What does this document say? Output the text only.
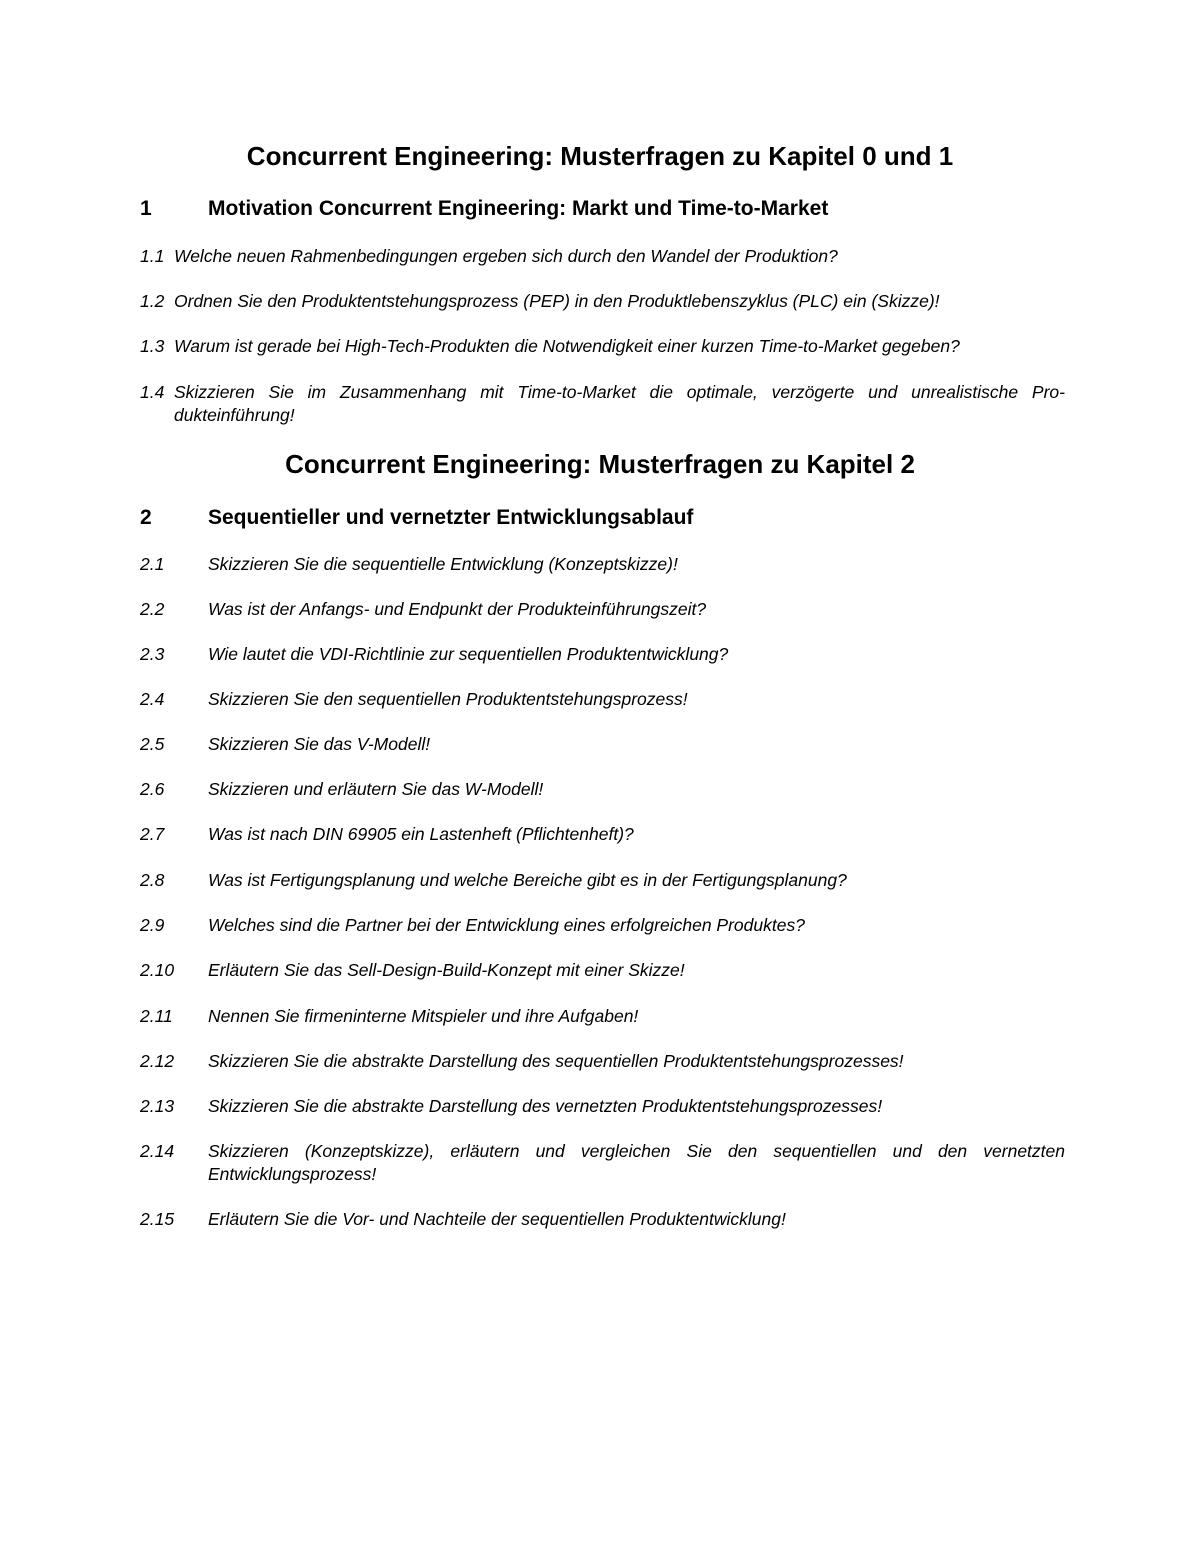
Concurrent Engineering: Musterfragen zu Kapitel 0 und 1
1	Motivation Concurrent Engineering: Markt und Time-to-Market
1.1 Welche neuen Rahmenbedingungen ergeben sich durch den Wandel der Produktion?
1.2 Ordnen Sie den Produktentstehungsprozess (PEP) in den Produktlebenszyklus (PLC) ein (Skizze)!
1.3 Warum ist gerade bei High-Tech-Produkten die Notwendigkeit einer kurzen Time-to-Market gegeben?
1.4 Skizzieren Sie im Zusammenhang mit Time-to-Market die optimale, verzögerte und unrealistische Pro-dukteinführung!
Concurrent Engineering: Musterfragen zu Kapitel 2
2	Sequentieller und vernetzter Entwicklungsablauf
2.1 Skizzieren Sie die sequentielle Entwicklung (Konzeptskizze)!
2.2 Was ist der Anfangs- und Endpunkt der Produkteinführungszeit?
2.3 Wie lautet die VDI-Richtlinie zur sequentiellen Produktentwicklung?
2.4 Skizzieren Sie den sequentiellen Produktentstehungsprozess!
2.5 Skizzieren Sie das V-Modell!
2.6 Skizzieren und erläutern Sie das W-Modell!
2.7 Was ist nach DIN 69905 ein Lastenheft (Pflichtenheft)?
2.8 Was ist Fertigungsplanung und welche Bereiche gibt es in der Fertigungsplanung?
2.9 Welches sind die Partner bei der Entwicklung eines erfolgreichen Produktes?
2.10 Erläutern Sie das Sell-Design-Build-Konzept mit einer Skizze!
2.11 Nennen Sie firmeninterne Mitspieler und ihre Aufgaben!
2.12 Skizzieren Sie die abstrakte Darstellung des sequentiellen Produktentstehungsprozesses!
2.13 Skizzieren Sie die abstrakte Darstellung des vernetzten Produktentstehungsprozesses!
2.14 Skizzieren (Konzeptskizze), erläutern und vergleichen Sie den sequentiellen und den vernetzten Entwicklungsprozess!
2.15 Erläutern Sie die Vor- und Nachteile der sequentiellen Produktentwicklung!
